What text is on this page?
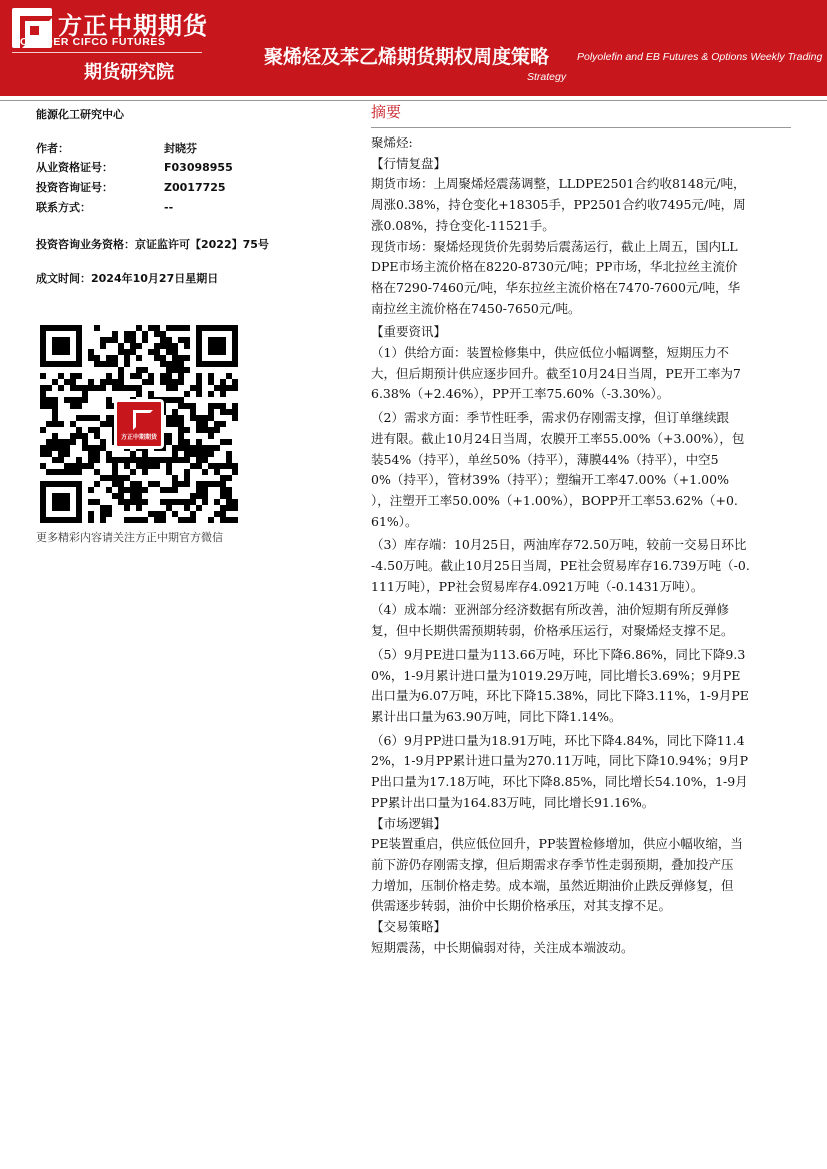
方正中期期货
FOUNDER CIFCO FUTURES
期货研究院
聚烯烃及苯乙烯期货期权周度策略	Polyolefin and EB Futures & Options Weekly Trading
Strategy
能源化工研究中心
作者：	封晓芬
从业资格证号：	F03098955
投资咨询证号：	Z0017725
联系方式：	--
投资咨询业务资格：京证监许可【2022】75号
成文时间：2024年10月27日星期日
方正中期期货
更多精彩内容请关注方正中期官方微信
摘要

聚烯烃:

【行情复盘】

期货市场：上周聚烯烃震荡调整，LLDPE2501合约收8148元/吨，

周涨0.38%，持仓变化+18305手，PP2501合约收7495元/吨，周

涨0.08%，持仓变化-11521手。

现货市场：聚烯烃现货价先弱势后震荡运行，截止上周五，国内LL

DPE市场主流价格在8220-8730元/吨；PP市场，华北拉丝主流价

格在7290-7460元/吨，华东拉丝主流价格在7470-7600元/吨，华

南拉丝主流价格在7450-7650元/吨。

【重要资讯】

（1）供给方面：装置检修集中，供应低位小幅调整，短期压力不

大，但后期预计供应逐步回升。截至10月24日当周，PE开工率为7

6.38%（+2.46%），PP开工率75.60%（-3.30%）。

（2）需求方面：季节性旺季，需求仍存刚需支撑，但订单继续跟

进有限。截止10月24日当周，农膜开工率55.00%（+3.00%），包

装54%（持平），单丝50%（持平），薄膜44%（持平），中空5

0%（持平），管材39%（持平）；塑编开工率47.00%（+1.00%

），注塑开工率50.00%（+1.00%），BOPP开工率53.62%（+0.

61%）。

（3）库存端：10月25日，两油库存72.50万吨，较前一交易日环比

-4.50万吨。截止10月25日当周，PE社会贸易库存16.739万吨（-0.

111万吨），PP社会贸易库存4.0921万吨（-0.1431万吨）。

（4）成本端：亚洲部分经济数据有所改善，油价短期有所反弹修

复，但中长期供需预期转弱，价格承压运行，对聚烯烃支撑不足。

（5）9月PE进口量为113.66万吨，环比下降6.86%，同比下降9.3

0%，1-9月累计进口量为1019.29万吨，同比增长3.69%；9月PE

出口量为6.07万吨，环比下降15.38%，同比下降3.11%，1-9月PE

累计出口量为63.90万吨，同比下降1.14%。

（6）9月PP进口量为18.91万吨，环比下降4.84%，同比下降11.4

2%，1-9月PP累计进口量为270.11万吨，同比下降10.94%；9月P

P出口量为17.18万吨，环比下降8.85%，同比增长54.10%，1-9月

PP累计出口量为164.83万吨，同比增长91.16%。

【市场逻辑】

PE装置重启，供应低位回升，PP装置检修增加，供应小幅收缩，当

前下游仍存刚需支撑，但后期需求存季节性走弱预期，叠加投产压

力增加，压制价格走势。成本端，虽然近期油价止跌反弹修复，但

供需逐步转弱，油价中长期价格承压，对其支撑不足。

【交易策略】

短期震荡，中长期偏弱对待，关注成本端波动。
